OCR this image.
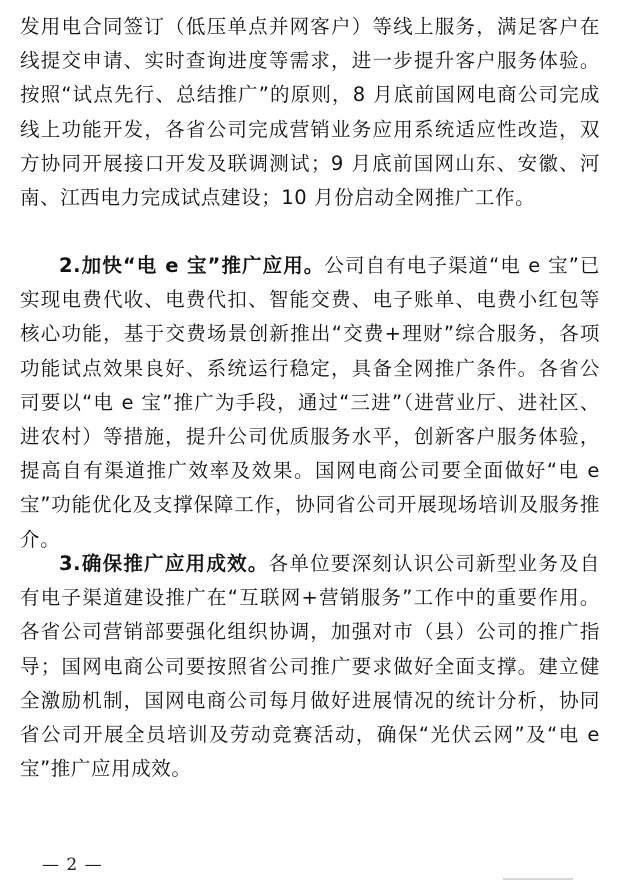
发用电合同签订（低压单点并网客户）等线上服务，满足客户在线提交申请、实时查询进度等需求，进一步提升客户服务体验。按照“试点先行、总结推广”的原则，8 月底前国网电商公司完成线上功能开发，各省公司完成营销业务应用系统适应性改造，双方协同开展接口开发及联调测试；9 月底前国网山东、安徽、河南、江西电力完成试点建设；10 月份启动全网推广工作。

2.加快“电 e 宝”推广应用。公司自有电子渠道“电 e 宝”已实现电费代收、电费代扣、智能交费、电子账单、电费小红包等核心功能，基于交费场景创新推出“交费+理财”综合服务，各项功能试点效果良好、系统运行稳定，具备全网推广条件。各省公司要以“电 e 宝”推广为手段，通过“三进”（进营业厅、进社区、进农村）等措施，提升公司优质服务水平，创新客户服务体验，提高自有渠道推广效率及效果。国网电商公司要全面做好“电 e 宝”功能优化及支撑保障工作，协同省公司开展现场培训及服务推介。

3.确保推广应用成效。各单位要深刻认识公司新型业务及自有电子渠道建设推广在“互联网+营销服务”工作中的重要作用。各省公司营销部要强化组织协调，加强对市（县）公司的推广指导；国网电商公司要按照省公司推广要求做好全面支撑。建立健全激励机制，国网电商公司每月做好进展情况的统计分析，协同省公司开展全员培训及劳动竞赛活动，确保“光伏云网”及“电 e 宝”推广应用成效。

— 2 —
